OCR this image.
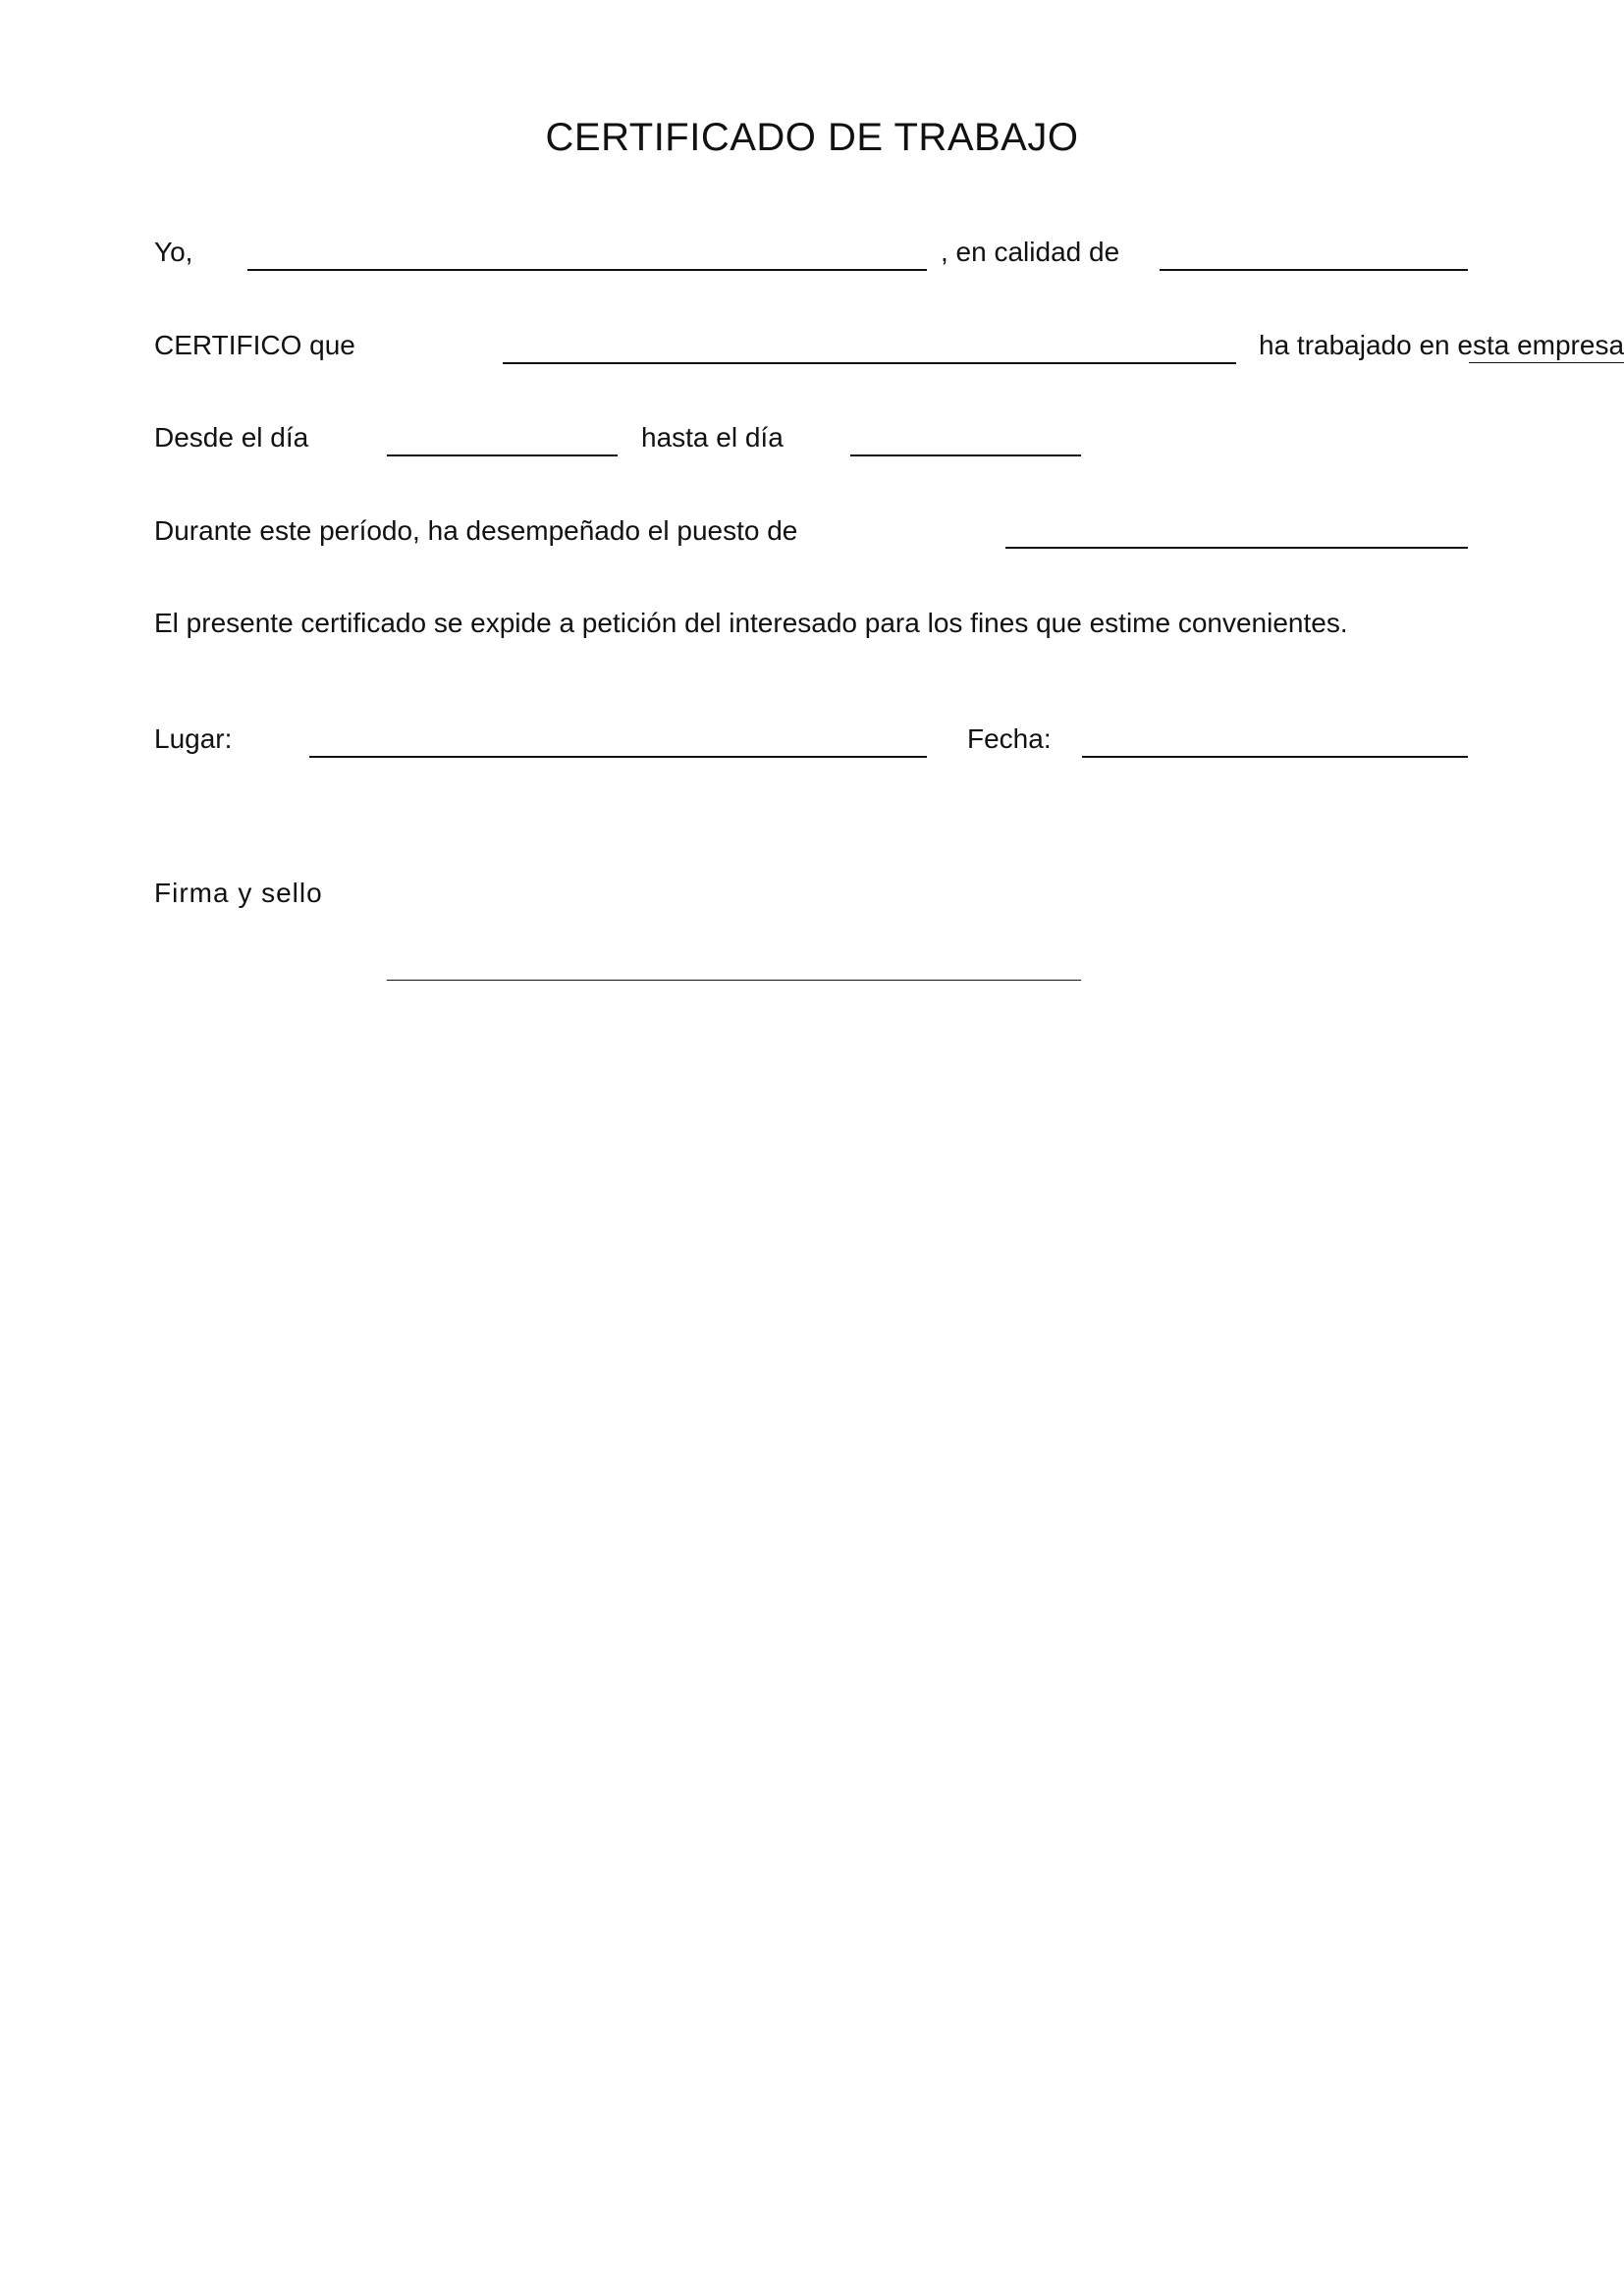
CERTIFICADO DE TRABAJO
Yo,	, en calidad de
CERTIFICO que	ha trabajado en esta empresa
Desde el día	hasta el día
Durante este período, ha desempeñado el puesto de
El presente certificado se expide a petición del interesado para los fines que estime convenientes.
Lugar:	Fecha:
Firma y sello
